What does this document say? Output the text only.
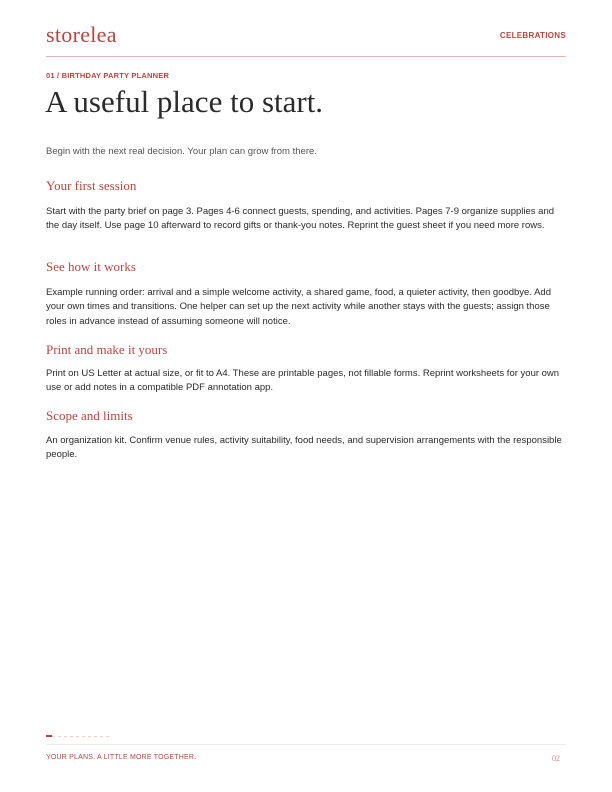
storelea	CELEBRATIONS
01 / BIRTHDAY PARTY PLANNER
A useful place to start.
Begin with the next real decision. Your plan can grow from there.
Your first session

Start with the party brief on page 3. Pages 4-6 connect guests, spending, and activities. Pages 7-9 organize supplies and the day itself. Use page 10 afterward to record gifts or thank-you notes. Reprint the guest sheet if you need more rows.

See how it works

Example running order: arrival and a simple welcome activity, a shared game, food, a quieter activity, then goodbye. Add your own times and transitions. One helper can set up the next activity while another stays with the guests; assign those roles in advance instead of assuming someone will notice.

Print and make it yours

Print on US Letter at actual size, or fit to A4. These are printable pages, not fillable forms. Reprint worksheets for your own use or add notes in a compatible PDF annotation app.

Scope and limits

An organization kit. Confirm venue rules, activity suitability, food needs, and supervision arrangements with the responsible people.

YOUR PLANS. A LITTLE MORE TOGETHER.	02
